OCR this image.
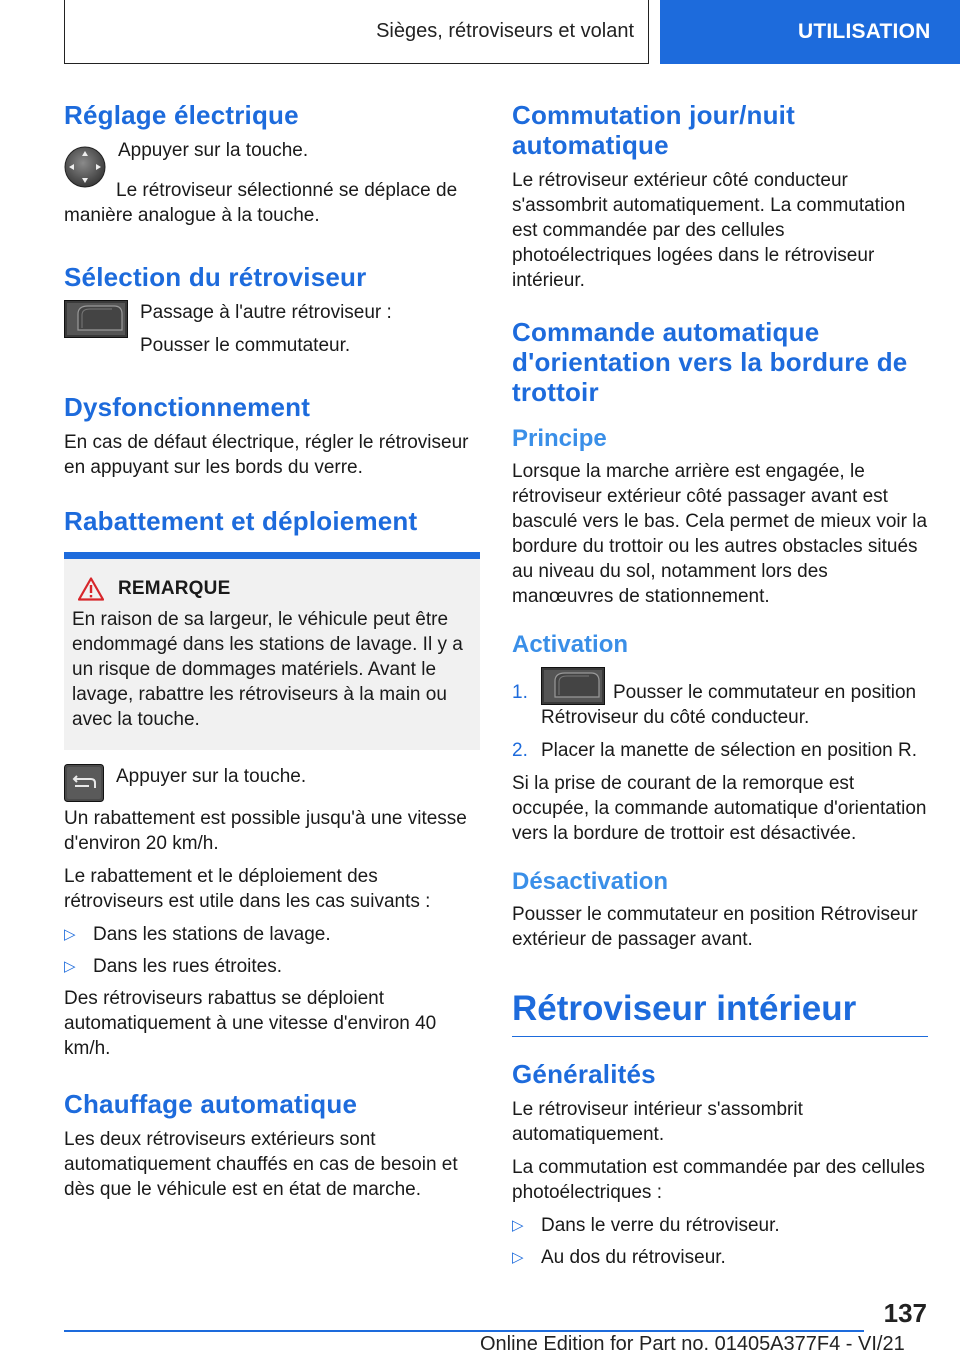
Sièges, rétroviseurs et volant	UTILISATION
Réglage électrique

Appuyer sur la touche.

Le rétroviseur sélectionné se déplace de manière analogue à la touche.

Sélection du rétroviseur

Passage à l'autre rétroviseur :

Pousser le commutateur.

Dysfonctionnement

En cas de défaut électrique, régler le rétroviseur en appuyant sur les bords du verre.

Rabattement et déploiement
REMARQUE

En raison de sa largeur, le véhicule peut être endommagé dans les stations de lavage. Il y a un risque de dommages matériels. Avant le lavage, rabattre les rétroviseurs à la main ou avec la touche.

Appuyer sur la touche.

Un rabattement est possible jusqu'à une vitesse d'environ 20 km/h.

Le rabattement et le déploiement des rétroviseurs est utile dans les cas suivants :

▷ Dans les stations de lavage.
▷ Dans les rues étroites.

Des rétroviseurs rabattus se déploient automatiquement à une vitesse d'environ 40 km/h.

Chauffage automatique

Les deux rétroviseurs extérieurs sont automatiquement chauffés en cas de besoin et dès que le véhicule est en état de marche.

Commutation jour/nuit automatique

Le rétroviseur extérieur côté conducteur s'assombrit automatiquement. La commutation est commandée par des cellules photoélectriques logées dans le rétroviseur intérieur.

Commande automatique d'orientation vers la bordure de trottoir
Principe

Lorsque la marche arrière est engagée, le rétroviseur extérieur côté passager avant est basculé vers le bas. Cela permet de mieux voir la bordure du trottoir ou les autres obstacles situés au niveau du sol, notamment lors des manœuvres de stationnement.

Activation
1.	Pousser le commutateur en position Rétroviseur du côté conducteur.
2. Placer la manette de sélection en position R.

Si la prise de courant de la remorque est occupée, la commande automatique d'orientation vers la bordure de trottoir est désactivée.

Désactivation

Pousser le commutateur en position Rétroviseur extérieur de passager avant.

Rétroviseur intérieur
Généralités

Le rétroviseur intérieur s'assombrit automatiquement.

La commutation est commandée par des cellules photoélectriques :

▷ Dans le verre du rétroviseur.
▷ Au dos du rétroviseur.
137
Online Edition for Part no. 01405A377F4 - VI/21
